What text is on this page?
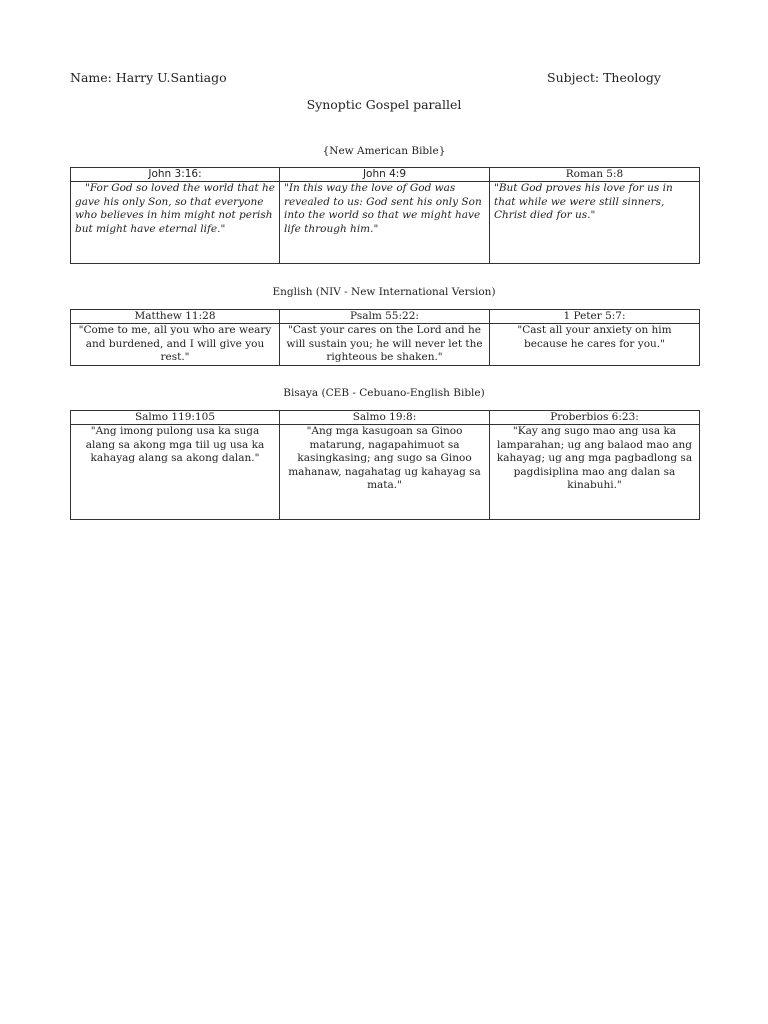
Name: Harry U.Santiago	Subject: Theology
Synoptic Gospel parallel
{New American Bible}
John 3:16:	John 4:9	Roman 5:8
"For God so loved the world that he gave his only Son, so that everyone who believes in him might not perish but might have eternal life."	"In this way the love of God was revealed to us: God sent his only Son into the world so that we might have life through him."	"But God proves his love for us in that while we were still sinners, Christ died for us."
English (NIV - New International Version)
Matthew 11:28	Psalm 55:22:	1 Peter 5:7:
"Come to me, all you who are weary and burdened, and I will give you rest."	"Cast your cares on the Lord and he will sustain you; he will never let the righteous be shaken."	"Cast all your anxiety on him because he cares for you."
Bisaya (CEB - Cebuano-English Bible)
Salmo 119:105	Salmo 19:8:	Proberbios 6:23:
"Ang imong pulong usa ka suga alang sa akong mga tiil ug usa ka kahayag alang sa akong dalan."	"Ang mga kasugoan sa Ginoo matarung, nagapahimuot sa kasingkasing; ang sugo sa Ginoo mahanaw, nagahatag ug kahayag sa mata."	"Kay ang sugo mao ang usa ka lamparahan; ug ang balaod mao ang kahayag; ug ang mga pagbadlong sa pagdisiplina mao ang dalan sa kinabuhi."
